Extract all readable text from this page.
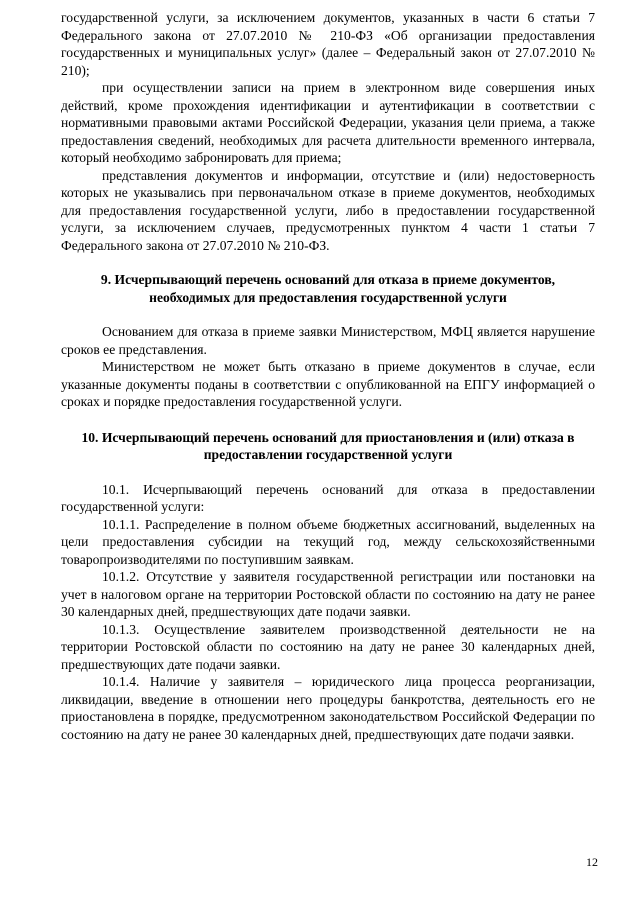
государственной услуги, за исключением документов, указанных в части 6 статьи 7 Федерального закона от 27.07.2010 № 210-ФЗ «Об организации предоставления государственных и муниципальных услуг» (далее – Федеральный закон от 27.07.2010 № 210);

при осуществлении записи на прием в электронном виде совершения иных действий, кроме прохождения идентификации и аутентификации в соответствии с нормативными правовыми актами Российской Федерации, указания цели приема, а также предоставления сведений, необходимых для расчета длительности временного интервала, который необходимо забронировать для приема;

представления документов и информации, отсутствие и (или) недостоверность которых не указывались при первоначальном отказе в приеме документов, необходимых для предоставления государственной услуги, либо в предоставлении государственной услуги, за исключением случаев, предусмотренных пунктом 4 части 1 статьи 7 Федерального закона от 27.07.2010 № 210-ФЗ.

9. Исчерпывающий перечень оснований для отказа в приеме документов, необходимых для предоставления государственной услуги

Основанием для отказа в приеме заявки Министерством, МФЦ является нарушение сроков ее представления.

Министерством не может быть отказано в приеме документов в случае, если указанные документы поданы в соответствии с опубликованной на ЕПГУ информацией о сроках и порядке предоставления государственной услуги.

10. Исчерпывающий перечень оснований для приостановления и (или) отказа в предоставлении государственной услуги

10.1. Исчерпывающий перечень оснований для отказа в предоставлении государственной услуги:

10.1.1. Распределение в полном объеме бюджетных ассигнований, выделенных на цели предоставления субсидии на текущий год, между сельскохозяйственными товаропроизводителями по поступившим заявкам.

10.1.2. Отсутствие у заявителя государственной регистрации или постановки на учет в налоговом органе на территории Ростовской области по состоянию на дату не ранее 30 календарных дней, предшествующих дате подачи заявки.

10.1.3. Осуществление заявителем производственной деятельности не на территории Ростовской области по состоянию на дату не ранее 30 календарных дней, предшествующих дате подачи заявки.

10.1.4. Наличие у заявителя – юридического лица процесса реорганизации, ликвидации, введение в отношении него процедуры банкротства, деятельность его не приостановлена в порядке, предусмотренном законодательством Российской Федерации по состоянию на дату не ранее 30 календарных дней, предшествующих дате подачи заявки.

12
